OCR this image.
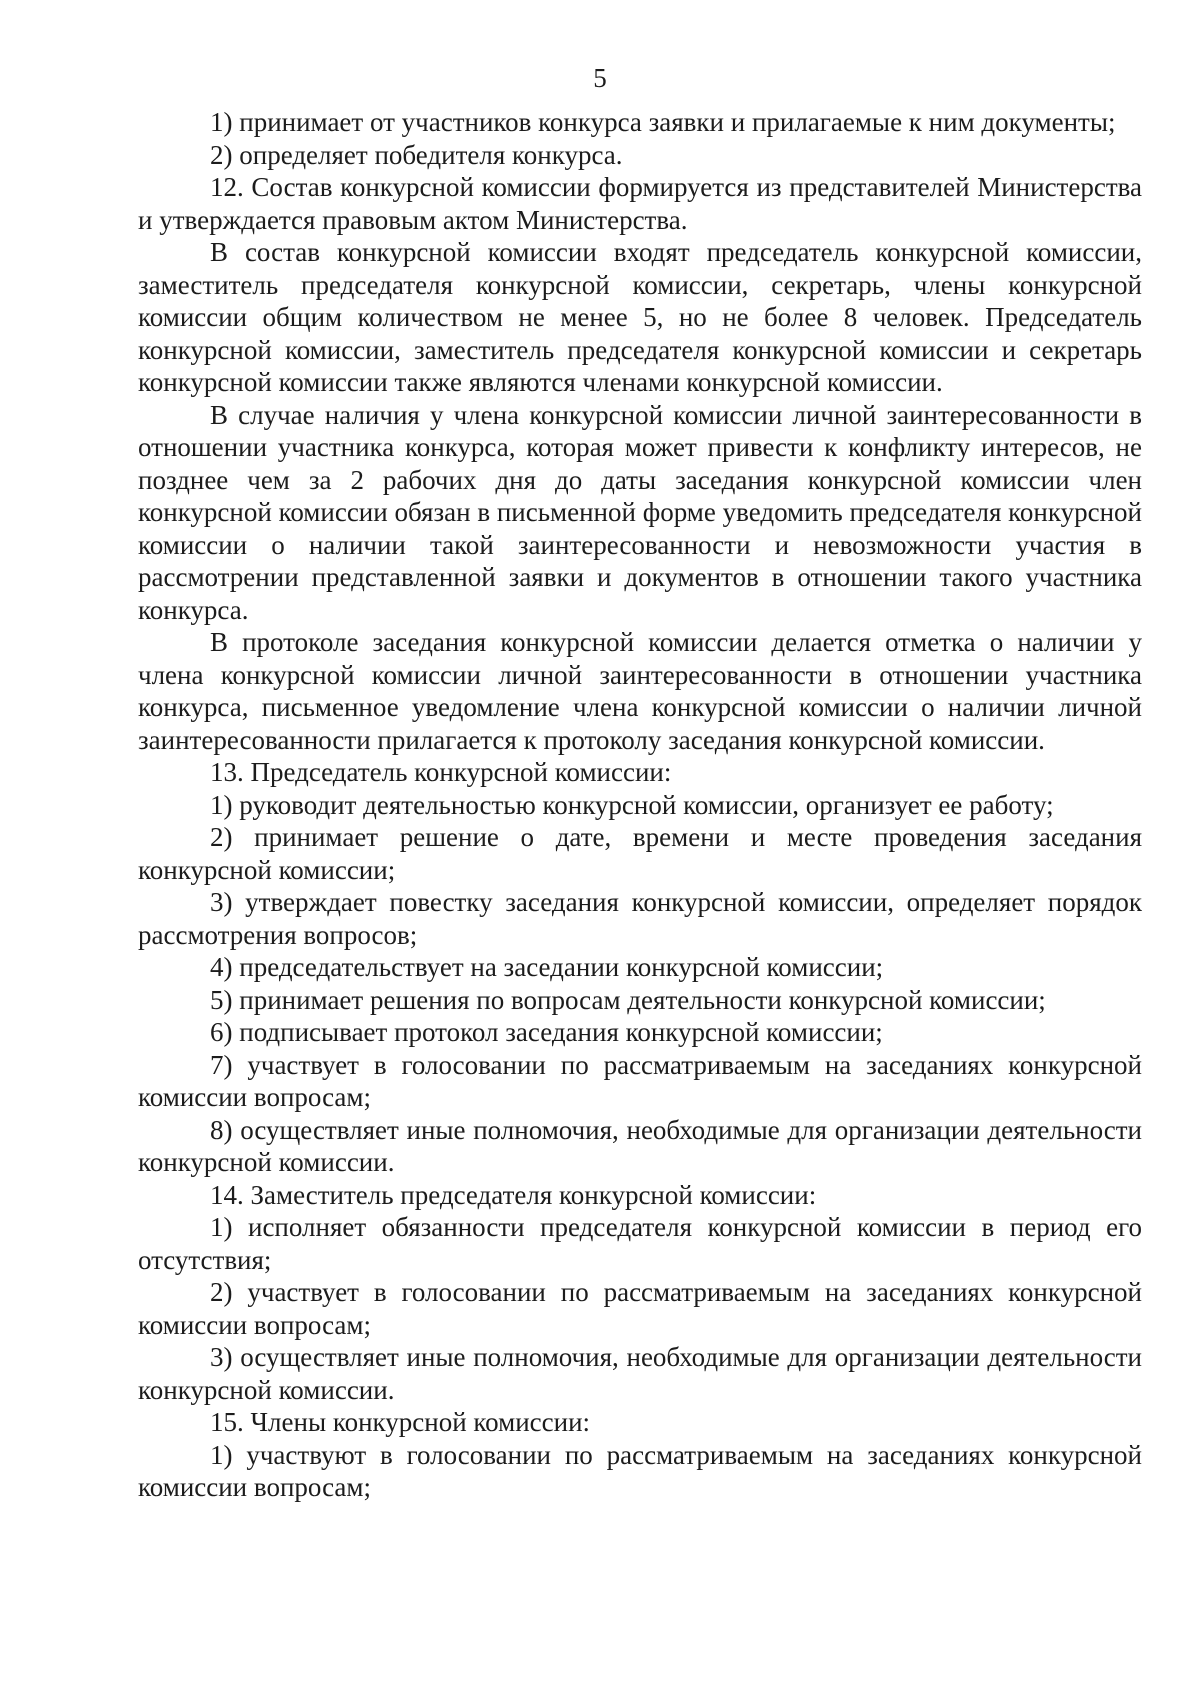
5

1) принимает от участников конкурса заявки и прилагаемые к ним документы;

2) определяет победителя конкурса.

12. Состав конкурсной комиссии формируется из представителей Министерства и утверждается правовым актом Министерства.

В состав конкурсной комиссии входят председатель конкурсной комиссии, заместитель председателя конкурсной комиссии, секретарь, члены конкурсной комиссии общим количеством не менее 5, но не более 8 человек. Председатель конкурсной комиссии, заместитель председателя конкурсной комиссии и секретарь конкурсной комиссии также являются членами конкурсной комиссии.

В случае наличия у члена конкурсной комиссии личной заинтересованности в отношении участника конкурса, которая может привести к конфликту интересов, не позднее чем за 2 рабочих дня до даты заседания конкурсной комиссии член конкурсной комиссии обязан в письменной форме уведомить председателя конкурсной комиссии о наличии такой заинтересованности и невозможности участия в рассмотрении представленной заявки и документов в отношении такого участника конкурса.

В протоколе заседания конкурсной комиссии делается отметка о наличии у члена конкурсной комиссии личной заинтересованности в отношении участника конкурса, письменное уведомление члена конкурсной комиссии о наличии личной заинтересованности прилагается к протоколу заседания конкурсной комиссии.

13. Председатель конкурсной комиссии:

1) руководит деятельностью конкурсной комиссии, организует ее работу;

2) принимает решение о дате, времени и месте проведения заседания конкурсной комиссии;

3) утверждает повестку заседания конкурсной комиссии, определяет порядок рассмотрения вопросов;

4) председательствует на заседании конкурсной комиссии;

5) принимает решения по вопросам деятельности конкурсной комиссии;

6) подписывает протокол заседания конкурсной комиссии;

7) участвует в голосовании по рассматриваемым на заседаниях конкурсной комиссии вопросам;

8) осуществляет иные полномочия, необходимые для организации деятельности конкурсной комиссии.

14. Заместитель председателя конкурсной комиссии:

1) исполняет обязанности председателя конкурсной комиссии в период его отсутствия;

2) участвует в голосовании по рассматриваемым на заседаниях конкурсной комиссии вопросам;

3) осуществляет иные полномочия, необходимые для организации деятельности конкурсной комиссии.

15. Члены конкурсной комиссии:

1) участвуют в голосовании по рассматриваемым на заседаниях конкурсной комиссии вопросам;
